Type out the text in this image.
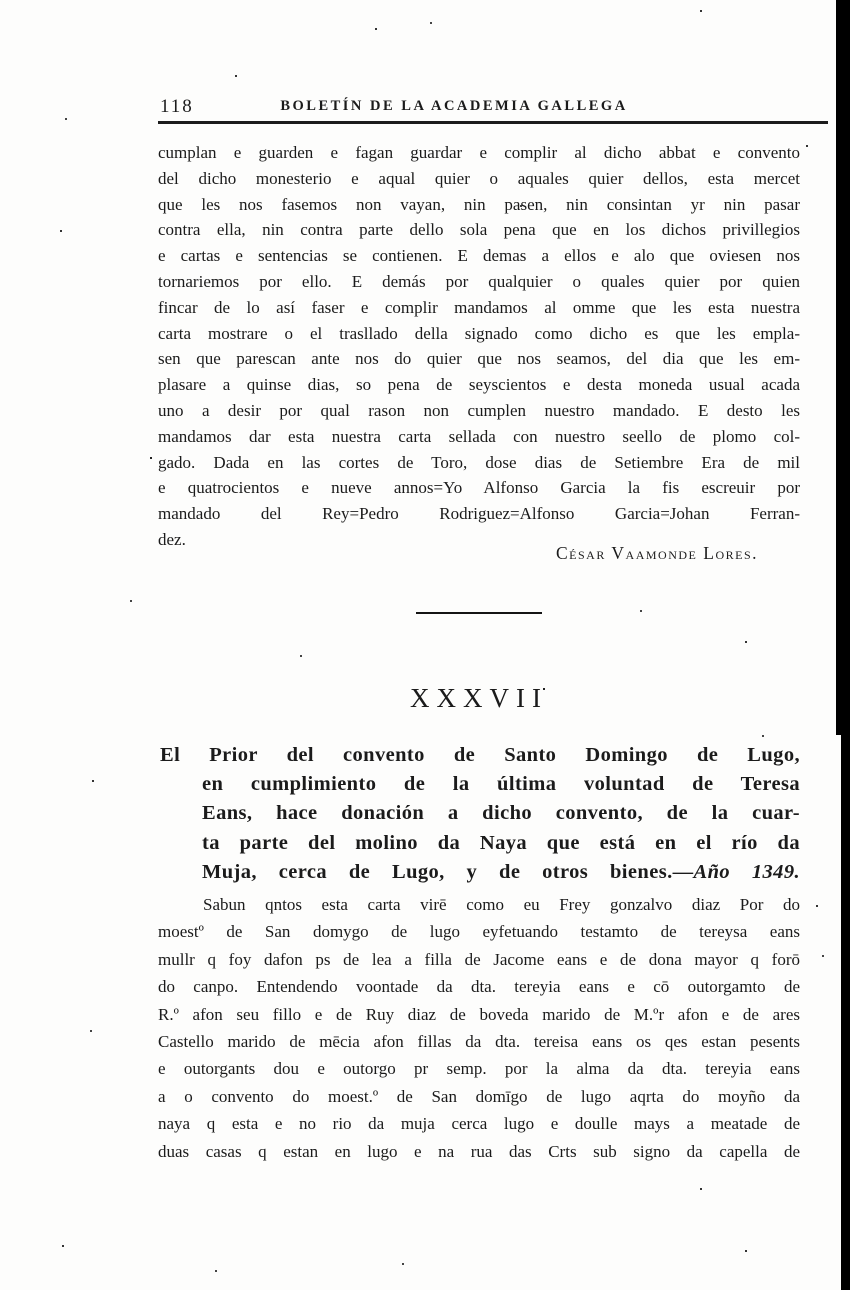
118	BOLETÍN DE LA ACADEMIA GALLEGA
cumplan e guarden e fagan guardar e complir al dicho abbat e convento
del dicho monesterio e aqual quier o aquales quier dellos, esta mercet
que les nos fasemos non vayan, nin pasen, nin consintan yr nin pasar
contra ella, nin contra parte dello sola pena que en los dichos privillegios
e cartas e sentencias se contienen. E demas a ellos e alo que oviesen nos
tornariemos por ello. E demás por qualquier o quales quier por quien
fincar de lo así faser e complir mandamos al omme que les esta nuestra
carta mostrare o el trasllado della signado como dicho es que les empla-
sen que parescan ante nos do quier que nos seamos, del dia que les em-
plasare a quinse dias, so pena de seyscientos e desta moneda usual acada
uno a desir por qual rason non cumplen nuestro mandado. E desto les
mandamos dar esta nuestra carta sellada con nuestro seello de plomo col-
gado. Dada en las cortes de Toro, dose dias de Setiembre Era de mil
e quatrocientos e nueve annos=Yo Alfonso Garcia la fis escreuir por
mandado del Rey=Pedro Rodriguez=Alfonso Garcia=Johan Ferran-
dez.
César Vaamonde Lores.
XXXVII
El Prior del convento de Santo Domingo de Lugo,
en cumplimiento de la última voluntad de Teresa
Eans, hace donación a dicho convento, de la cuar-
ta parte del molino da Naya que está en el río da
Muja, cerca de Lugo, y de otros bienes.—Año 1349.
Sabun qntos esta carta virē como eu Frey gonzalvo diaz Por do
moestº de San domygo de lugo eyfetuando testamto de tereysa eans
mullr q foy dafon ps de lea a filla de Jacome eans e de dona mayor q forō
do canpo. Entendendo voontade da dta. tereyia eans e cō outorgamto de
R.º afon seu fillo e de Ruy diaz de boveda marido de M.ºr afon e de ares
Castello marido de mēcia afon fillas da dta. tereisa eans os qes estan pesents
e outorgants dou e outorgo pr semp. por la alma da dta. tereyia eans
a o convento do moest.º de San domīgo de lugo aqrta do moyño da
naya q esta e no rio da muja cerca lugo e doulle mays a meatade de
duas casas q estan en lugo e na rua das Crts sub signo da capella de
